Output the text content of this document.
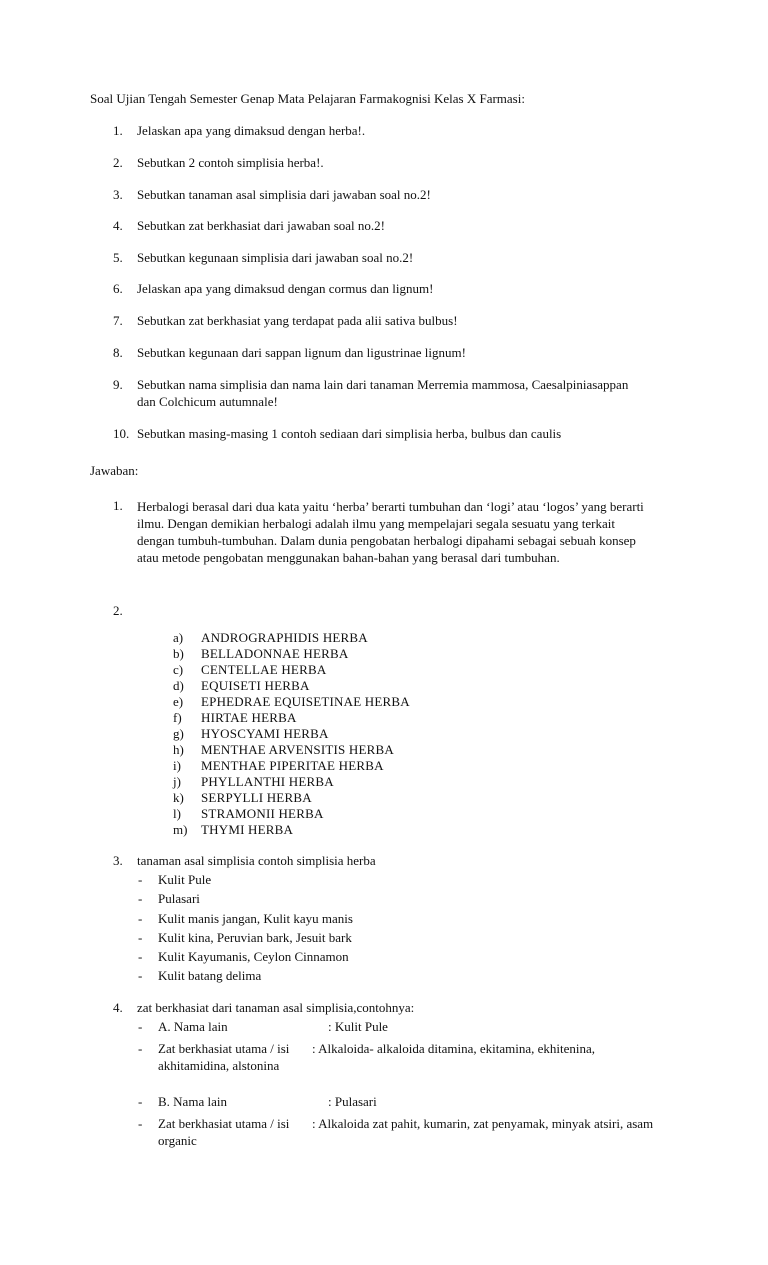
Soal Ujian Tengah Semester Genap Mata Pelajaran Farmakognisi Kelas X Farmasi:
1. Jelaskan apa yang dimaksud dengan herba!.
2. Sebutkan 2 contoh simplisia herba!.
3. Sebutkan tanaman asal simplisia dari jawaban soal no.2!
4. Sebutkan zat berkhasiat dari jawaban soal no.2!
5. Sebutkan kegunaan simplisia dari jawaban soal no.2!
6. Jelaskan apa yang dimaksud dengan cormus dan lignum!
7. Sebutkan zat berkhasiat yang terdapat pada alii sativa bulbus!
8. Sebutkan kegunaan dari sappan lignum dan ligustrinae lignum!
9. Sebutkan nama simplisia dan nama lain dari tanaman Merremia mammosa, Caesalpiniasappan
dan Colchicum autumnale!
10. Sebutkan masing-masing 1 contoh sediaan dari simplisia herba, bulbus dan caulis
Jawaban:
1. Herbalogi berasal dari dua kata yaitu ‘herba’ berarti tumbuhan dan ‘logi’ atau ‘logos’ yang berarti
ilmu. Dengan demikian herbalogi adalah ilmu yang mempelajari segala sesuatu yang terkait
dengan tumbuh-tumbuhan. Dalam dunia pengobatan herbalogi dipahami sebagai sebuah konsep
atau metode pengobatan menggunakan bahan-bahan yang berasal dari tumbuhan.
2.
a) ANDROGRAPHIDIS HERBA
b) BELLADONNAE HERBA
c) CENTELLAE HERBA
d) EQUISETI HERBA
e) EPHEDRAE EQUISETINAE HERBA
f) HIRTAE HERBA
g) HYOSCYAMI HERBA
h) MENTHAE ARVENSITIS HERBA
i) MENTHAE PIPERITAE HERBA
j) PHYLLANTHI HERBA
k) SERPYLLI HERBA
l) STRAMONII HERBA
m) THYMI HERBA
3. tanaman asal simplisia contoh simplisia herba
- Kulit Pule
- Pulasari
- Kulit manis jangan, Kulit kayu manis
- Kulit kina, Peruvian bark, Jesuit bark
- Kulit Kayumanis, Ceylon Cinnamon
- Kulit batang delima
4. zat berkhasiat dari tanaman asal simplisia,contohnya:
- A. Nama lain	: Kulit Pule
- Zat berkhasiat utama / isi : Alkaloida- alkaloida ditamina, ekitamina, ekhitenina,
akhitamidina, alstonina
- B. Nama lain	: Pulasari
- Zat berkhasiat utama / isi : Alkaloida zat pahit, kumarin, zat penyamak, minyak atsiri, asam
organic
